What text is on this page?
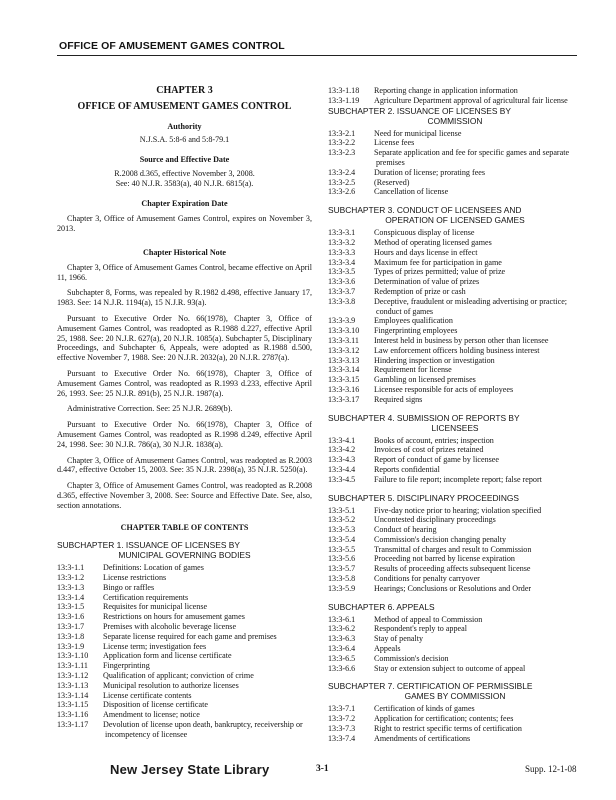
OFFICE OF AMUSEMENT GAMES CONTROL
CHAPTER 3
OFFICE OF AMUSEMENT GAMES CONTROL
Authority
N.J.S.A. 5:8-6 and 5:8-79.1
Source and Effective Date
R.2008 d.365, effective November 3, 2008.
See: 40 N.J.R. 3583(a), 40 N.J.R. 6815(a).
Chapter Expiration Date
Chapter 3, Office of Amusement Games Control, expires on November 3, 2013.
Chapter Historical Note
Chapter 3, Office of Amusement Games Control, became effective on April 11, 1966.
Subchapter 8, Forms, was repealed by R.1982 d.498, effective January 17, 1983. See: 14 N.J.R. 1194(a), 15 N.J.R. 93(a).
Pursuant to Executive Order No. 66(1978), Chapter 3, Office of Amusement Games Control, was readopted as R.1988 d.227, effective April 25, 1988. See: 20 N.J.R. 627(a), 20 N.J.R. 1085(a). Subchapter 5, Disciplinary Proceedings, and Subchapter 6, Appeals, were adopted as R.1988 d.500, effective November 7, 1988. See: 20 N.J.R. 2032(a), 20 N.J.R. 2787(a).
Pursuant to Executive Order No. 66(1978), Chapter 3, Office of Amusement Games Control, was readopted as R.1993 d.233, effective April 26, 1993. See: 25 N.J.R. 891(b), 25 N.J.R. 1987(a).
Administrative Correction. See: 25 N.J.R. 2689(b).
Pursuant to Executive Order No. 66(1978), Chapter 3, Office of Amusement Games Control, was readopted as R.1998 d.249, effective April 24, 1998. See: 30 N.J.R. 786(a), 30 N.J.R. 1838(a).
Chapter 3, Office of Amusement Games Control, was readopted as R.2003 d.447, effective October 15, 2003. See: 35 N.J.R. 2398(a), 35 N.J.R. 5250(a).
Chapter 3, Office of Amusement Games Control, was readopted as R.2008 d.365, effective November 3, 2008. See: Source and Effective Date. See, also, section annotations.
CHAPTER TABLE OF CONTENTS
SUBCHAPTER 1. ISSUANCE OF LICENSES BY
MUNICIPAL GOVERNING BODIES
13:3-1.1	Definitions: Location of games
13:3-1.2	License restrictions
13:3-1.3	Bingo or raffles
13:3-1.4	Certification requirements
13:3-1.5	Requisites for municipal license
13:3-1.6	Restrictions on hours for amusement games
13:3-1.7	Premises with alcoholic beverage license
13:3-1.8	Separate license required for each game and premises
13:3-1.9	License term; investigation fees
13:3-1.10	Application form and license certificate
13:3-1.11	Fingerprinting
13:3-1.12	Qualification of applicant; conviction of crime
13:3-1.13	Municipal resolution to authorize licenses
13:3-1.14	License certificate contents
13:3-1.15	Disposition of license certificate
13:3-1.16	Amendment to license; notice
13:3-1.17	Devolution of license upon death, bankruptcy, receivership or incompetency of licensee
13:3-1.18	Reporting change in application information
13:3-1.19	Agriculture Department approval of agricultural fair license
SUBCHAPTER 2. ISSUANCE OF LICENSES BY
COMMISSION
13:3-2.1	Need for municipal license
13:3-2.2	License fees
13:3-2.3	Separate application and fee for specific games and separate premises
13:3-2.4	Duration of license; prorating fees
13:3-2.5	(Reserved)
13:3-2.6	Cancellation of license
SUBCHAPTER 3. CONDUCT OF LICENSEES AND
OPERATION OF LICENSED GAMES
13:3-3.1	Conspicuous display of license
13:3-3.2	Method of operating licensed games
13:3-3.3	Hours and days license in effect
13:3-3.4	Maximum fee for participation in game
13:3-3.5	Types of prizes permitted; value of prize
13:3-3.6	Determination of value of prizes
13:3-3.7	Redemption of prize or cash
13:3-3.8	Deceptive, fraudulent or misleading advertising or practice; conduct of games
13:3-3.9	Employees qualification
13:3-3.10	Fingerprinting employees
13:3-3.11	Interest held in business by person other than licensee
13:3-3.12	Law enforcement officers holding business interest
13:3-3.13	Hindering inspection or investigation
13:3-3.14	Requirement for license
13:3-3.15	Gambling on licensed premises
13:3-3.16	Licensee responsible for acts of employees
13:3-3.17	Required signs
SUBCHAPTER 4. SUBMISSION OF REPORTS BY
LICENSEES
13:3-4.1	Books of account, entries; inspection
13:3-4.2	Invoices of cost of prizes retained
13:3-4.3	Report of conduct of game by licensee
13:3-4.4	Reports confidential
13:3-4.5	Failure to file report; incomplete report; false report
SUBCHAPTER 5. DISCIPLINARY PROCEEDINGS
13:3-5.1	Five-day notice prior to hearing; violation specified
13:3-5.2	Uncontested disciplinary proceedings
13:3-5.3	Conduct of hearing
13:3-5.4	Commission's decision changing penalty
13:3-5.5	Transmittal of charges and result to Commission
13:3-5.6	Proceeding not barred by license expiration
13:3-5.7	Results of proceeding affects subsequent license
13:3-5.8	Conditions for penalty carryover
13:3-5.9	Hearings; Conclusions or Resolutions and Order
SUBCHAPTER 6. APPEALS
13:3-6.1	Method of appeal to Commission
13:3-6.2	Respondent's reply to appeal
13:3-6.3	Stay of penalty
13:3-6.4	Appeals
13:3-6.5	Commission's decision
13:3-6.6	Stay or extension subject to outcome of appeal
SUBCHAPTER 7. CERTIFICATION OF PERMISSIBLE
GAMES BY COMMISSION
13:3-7.1	Certification of kinds of games
13:3-7.2	Application for certification; contents; fees
13:3-7.3	Right to restrict specific terms of certification
13:3-7.4	Amendments of certifications
New Jersey State Library	3-1	Supp. 12-1-08
